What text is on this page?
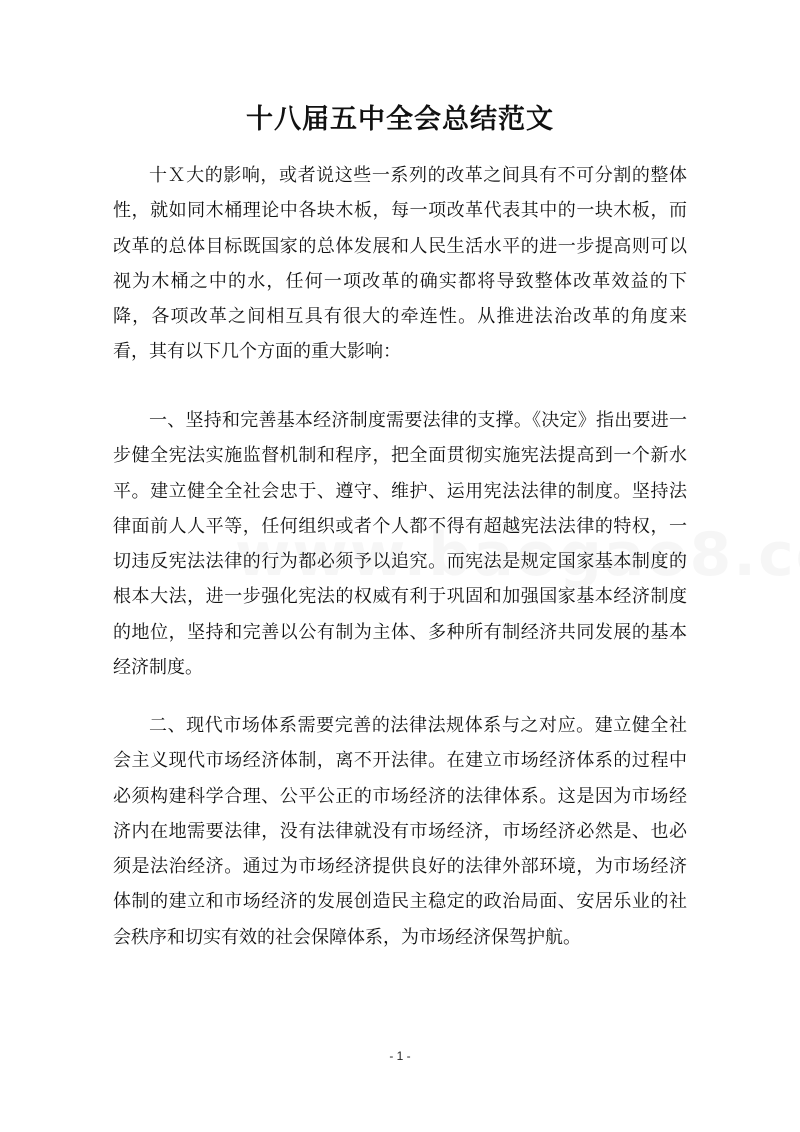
十八届五中全会总结范文
十Ｘ大的影响，或者说这些一系列的改革之间具有不可分割的整体性，就如同木桶理论中各块木板，每一项改革代表其中的一块木板，而改革的总体目标既国家的总体发展和人民生活水平的进一步提高则可以视为木桶之中的水，任何一项改革的确实都将导致整体改革效益的下降，各项改革之间相互具有很大的牵连性。从推进法治改革的角度来看，其有以下几个方面的重大影响：
一、坚持和完善基本经济制度需要法律的支撑。《决定》指出要进一步健全宪法实施监督机制和程序，把全面贯彻实施宪法提高到一个新水平。建立健全全社会忠于、遵守、维护、运用宪法法律的制度。坚持法律面前人人平等，任何组织或者个人都不得有超越宪法法律的特权，一切违反宪法法律的行为都必须予以追究。而宪法是规定国家基本制度的根本大法，进一步强化宪法的权威有利于巩固和加强国家基本经济制度的地位，坚持和完善以公有制为主体、多种所有制经济共同发展的基本经济制度。
二、现代市场体系需要完善的法律法规体系与之对应。建立健全社会主义现代市场经济体制，离不开法律。在建立市场经济体系的过程中必须构建科学合理、公平公正的市场经济的法律体系。这是因为市场经济内在地需要法律，没有法律就没有市场经济，市场经济必然是、也必须是法治经济。通过为市场经济提供良好的法律外部环境，为市场经济体制的建立和市场经济的发展创造民主稳定的政治局面、安居乐业的社会秩序和切实有效的社会保障体系，为市场经济保驾护航。
- 1 -
